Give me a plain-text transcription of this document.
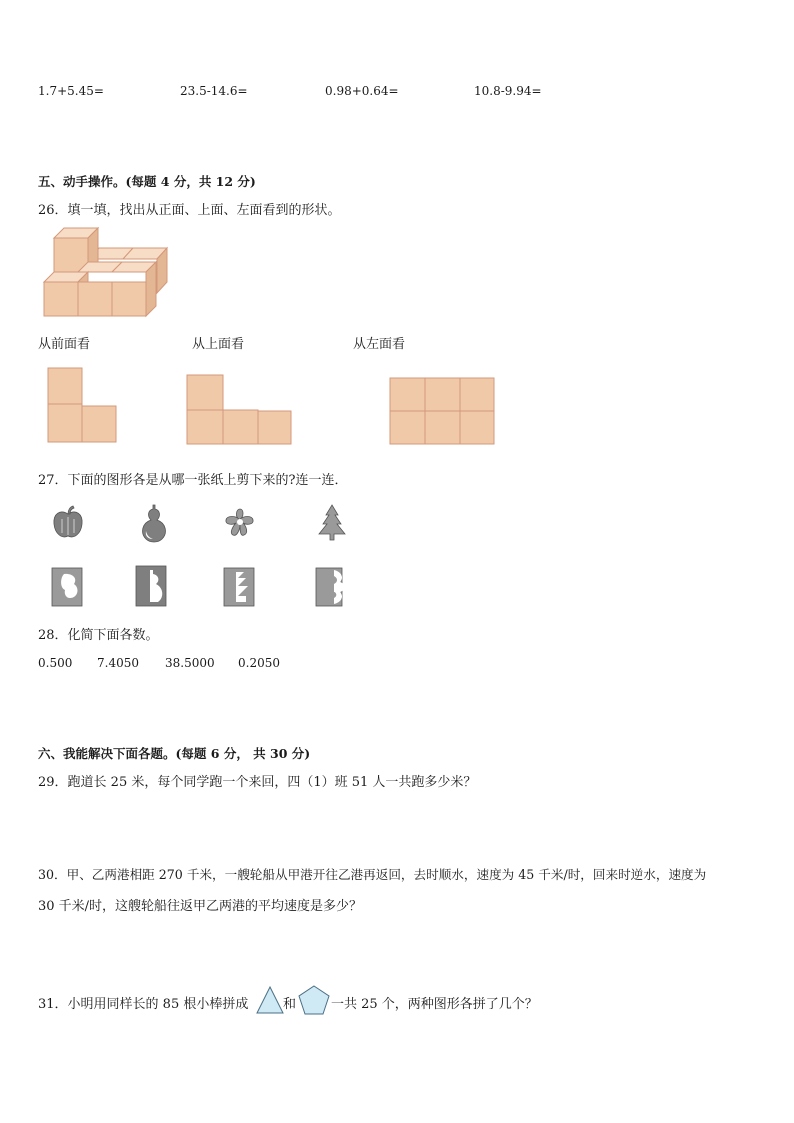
1.7+5.45=	23.5-14.6=	0.98+0.64=	10.8-9.94=
五、动手操作。(每题 4 分，共 12 分)
26．填一填，找出从正面、上面、左面看到的形状。
从前面看	从上面看	从左面看
27．下面的图形各是从哪一张纸上剪下来的?连一连．
28．化简下面各数。
0.500 7.4050 38.5000 0.2050
六、我能解决下面各题。(每题 6 分， 共 30 分)
29．跑道长 25 米，每个同学跑一个来回，四（1）班 51 人一共跑多少米？
30．甲、乙两港相距 270 千米，一艘轮船从甲港开往乙港再返回，去时顺水，速度为 45 千米/时，回来时逆水，速度为
30 千米/时，这艘轮船往返甲乙两港的平均速度是多少？
31．小明用同样长的 85 根小棒拼成	和	一共 25 个，两种图形各拼了几个？
